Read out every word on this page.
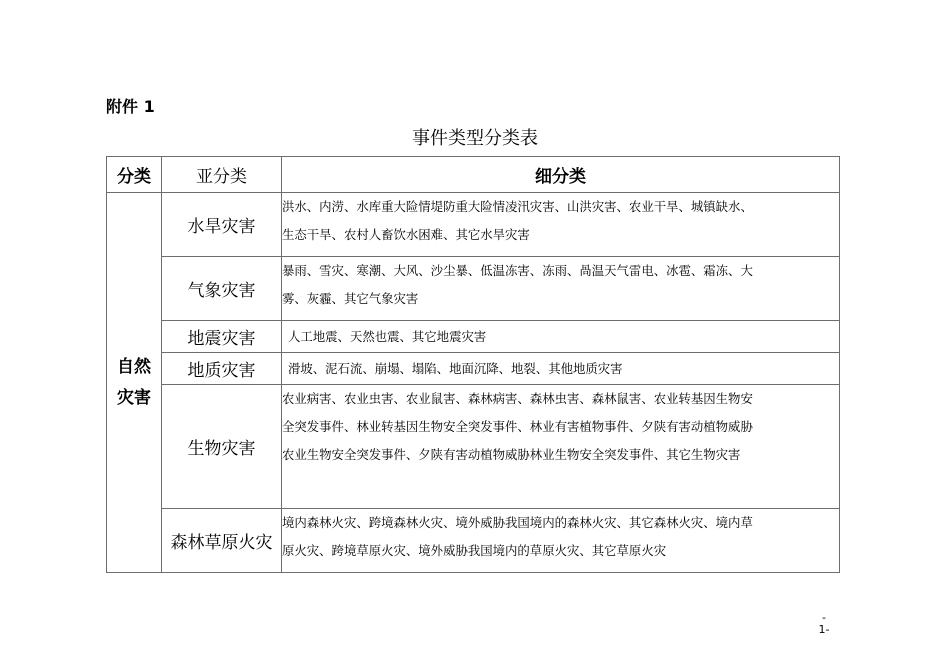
附件 1
事件类型分类表
分类	亚分类	细分类
自然
灾害	水旱灾害	洪水、内涝、水库重大险情堤防重大险情凌汛灾害、山洪灾害、农业干旱、城镇缺水、
生态干旱、农村人畜饮水困难、其它水旱灾害

	气象灾害	暴雨、雪灾、寒潮、大风、沙尘暴、低温冻害、冻雨、咼温天气雷电、冰雹、霜冻、大
雾、灰霾、其它气象灾害

	地震灾害	人工地震、天然也震、其它地震灾害

	地质灾害	滑坡、泥石流、崩塌、塌陷、地面沉降、地裂、其他地质灾害

	生物灾害	农业病害、农业虫害、农业鼠害、森林病害、森林虫害、森林鼠害、农业转基因生物安
全突发事件、林业转基因生物安全突发事件、林业有害植物事件、夕陕有害动植物威胁
农业生物安全突发事件、夕陕有害动植物威胁林业生物安全突发事件、其它生物灾害

	森林草原火灾	境内森林火灾、跨境森林火灾、境外威胁我国境内的森林火灾、其它森林火灾、境内草
原火灾、跨境草原火灾、境外威胁我国境内的草原火灾、其它草原火灾
-
1-
